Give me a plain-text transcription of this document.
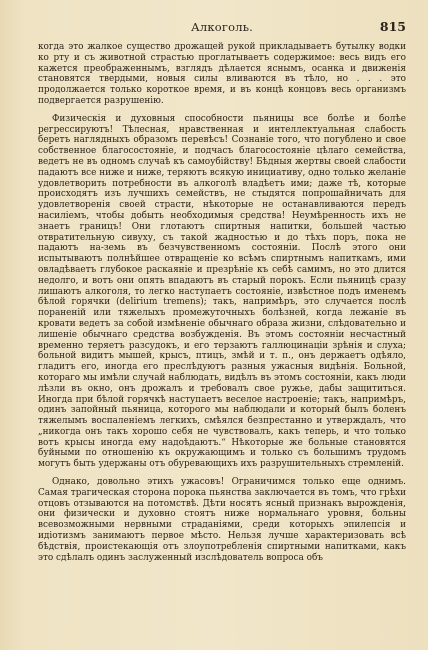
Алкоголь.	815

когда это жалкое существо дрожащей рукой прикладываетъ бутылку водки ко рту и съ животной страстью проглатываетъ содержимое: весь видъ его кажется преображеннымъ, взглядъ дѣлается яснымъ, осанка и движенія становятся твердыми, новыя силы вливаются въ тѣло, но . . . это продолжается только короткое время, и въ концѣ концовъ весь организмъ подвергается разрушенію.

Физическія и духовныя способности пьяницы все болѣе и болѣе регрессируютъ! Тѣлесная, нравственная и интеллектуальная слабость беретъ наглядныхъ образомъ перевѣсъ! Сознаніе того, что погублено и свое собственное благосостояніе, и подчасъ благосостояніе цѣлаго семейства, ведетъ не въ одномъ случаѣ къ самоубійству! Бѣдныя жертвы своей слабости падаютъ все ниже и ниже, теряютъ всякую инициативу, одно только желаніе удовлетворить потребности въ алкоголѣ владѣетъ ими; даже тѣ, которые происходятъ изъ лучшихъ семействъ, не стыдятся попрошайничать для удовлетворенія своей страсти, нѣкоторые не останавливаются передъ насиліемъ, чтобы добыть необходимыя средства! Неумѣренность ихъ не знаетъ границъ! Они глотаютъ спиртныя напитки, большей частью отвратительную сивуху, съ такой жадностью и до тѣхъ поръ, пока не падаютъ на-земь въ безчувственномъ состояніи. Послѣ этого они испытываютъ полнѣйшее отвращеніе ко всѣмъ спиртнымъ напиткамъ, ими овладѣваетъ глубокое раскаяніе и презрѣніе къ себѣ самимъ, но это длится недолго, и вотъ они опять впадаютъ въ старый порокъ. Если пьяницѣ сразу лишаютъ алкоголя, то легко наступаетъ состояніе, извѣстное подъ именемъ бѣлой горячки (delirium tremens); такъ, напримѣръ, это случается послѣ пораненій или тяжелыхъ промежуточныхъ болѣзней, когда лежаніе въ кровати ведетъ за собой измѣненіе обычнаго образа жизни, слѣдовательно и лишеніе обычнаго средства возбужденія. Въ этомъ состояніи несчастный временно теряетъ разсудокъ, и его терзаютъ галлюцинаціи зрѣнія и слуха; больной видитъ мышей, крысъ, птицъ, змѣй и т. п., онъ держаетъ одѣяло, гладитъ его, иногда его преслѣдуютъ разныя ужасныя видѣнія. Больной, котораго мы имѣли случай наблюдать, видѣлъ въ этомъ состояніи, какъ люди лѣзли въ окно, онъ дрожалъ и требовалъ свое ружье, дабы защититься. Иногда при бѣлой горячкѣ наступаетъ веселое настроеніе; такъ, напримѣръ, одинъ запойный пьяница, которого мы наблюдали и который былъ боленъ тяжелымъ воспаленіемъ легкихъ, смѣялся безпрестанно и утверждалъ, что „никогда онъ такъ хорошо себя не чувствовалъ, какъ теперь, и что только вотъ крысы иногда ему надоѣдаютъ.“ Нѣкоторые же больные становятся буйными по отношенію къ окружающимъ и только съ большимъ трудомъ могутъ быть удержаны отъ обуревающихъ ихъ разрушительныхъ стремленій.

Однако, довольно этихъ ужасовъ! Ограничимся только еще однимъ. Самая трагическая сторона порока пьянства заключается въ томъ, что грѣхи отцовъ отзываются на потомствѣ. Дѣти носятъ ясный признакъ вырожденія, они физически и духовно стоятъ ниже нормальнаго уровня, больны всевозможными нервными страданіями, среди которыхъ эпилепсія и идіотизмъ занимаютъ первое мѣсто. Нельзя лучше характеризовать всѣ бѣдствія, проистекающія отъ злоупотребленія спиртными напитками, какъ это сдѣлалъ одинъ заслуженный изслѣдователь вопроса объ
